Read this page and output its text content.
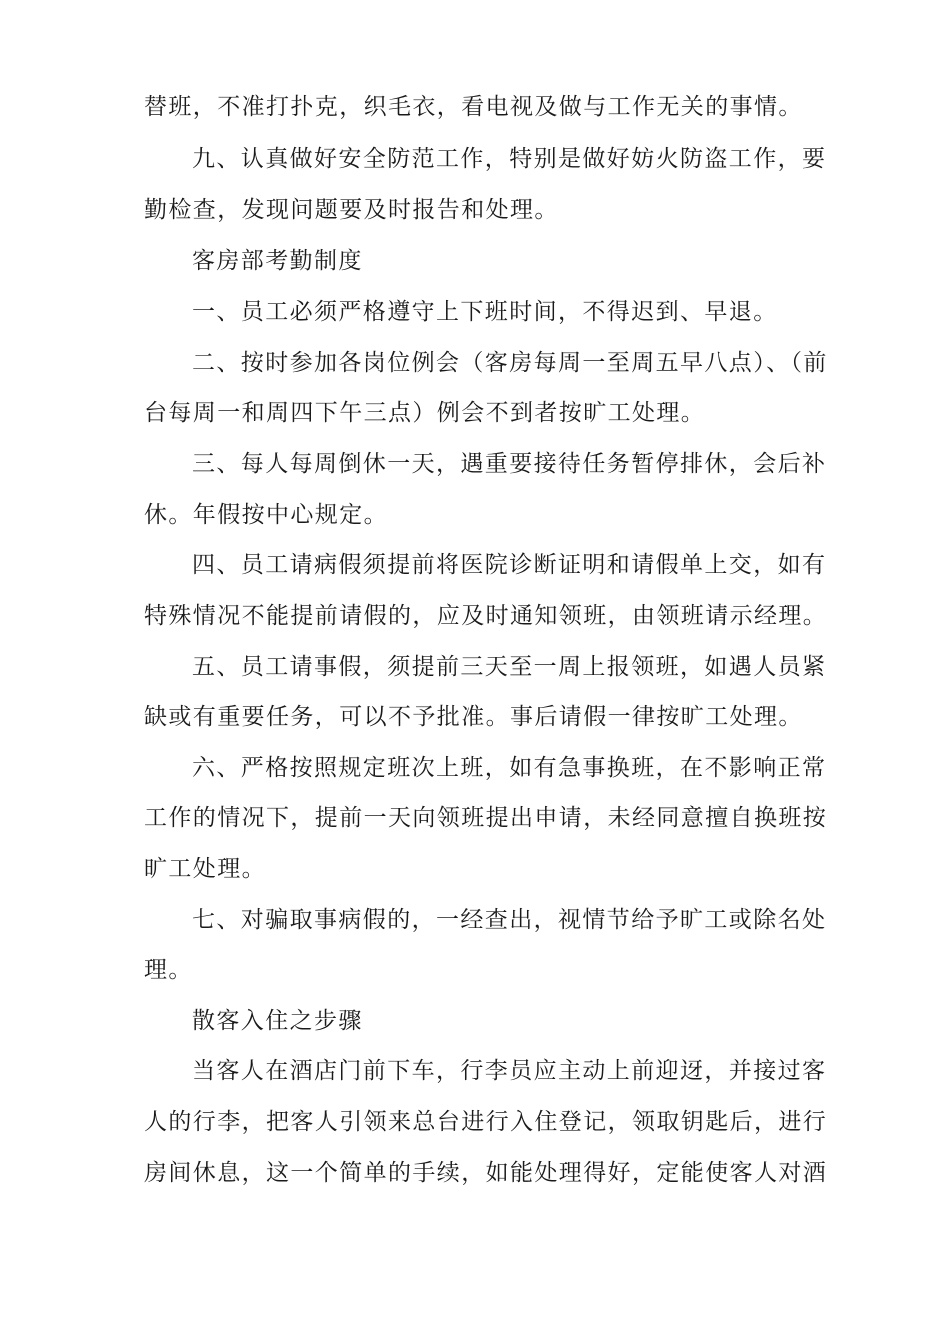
替班，不准打扑克，织毛衣，看电视及做与工作无关的事情。
九、认真做好安全防范工作，特别是做好妨火防盗工作，要
勤检查，发现问题要及时报告和处理。
客房部考勤制度
一、员工必须严格遵守上下班时间，不得迟到、早退。
二、按时参加各岗位例会（客房每周一至周五早八点）、（前
台每周一和周四下午三点）例会不到者按旷工处理。
三、每人每周倒休一天，遇重要接待任务暂停排休，会后补
休。年假按中心规定。
四、员工请病假须提前将医院诊断证明和请假单上交，如有
特殊情况不能提前请假的，应及时通知领班，由领班请示经理。
五、员工请事假，须提前三天至一周上报领班，如遇人员紧
缺或有重要任务，可以不予批准。事后请假一律按旷工处理。
六、严格按照规定班次上班，如有急事换班，在不影响正常
工作的情况下，提前一天向领班提出申请，未经同意擅自换班按
旷工处理。
七、对骗取事病假的，一经查出，视情节给予旷工或除名处
理。
散客入住之步骤
当客人在酒店门前下车，行李员应主动上前迎迓，并接过客
人的行李，把客人引领来总台进行入住登记，领取钥匙后，进行
房间休息，这一个简单的手续，如能处理得好，定能使客人对酒
